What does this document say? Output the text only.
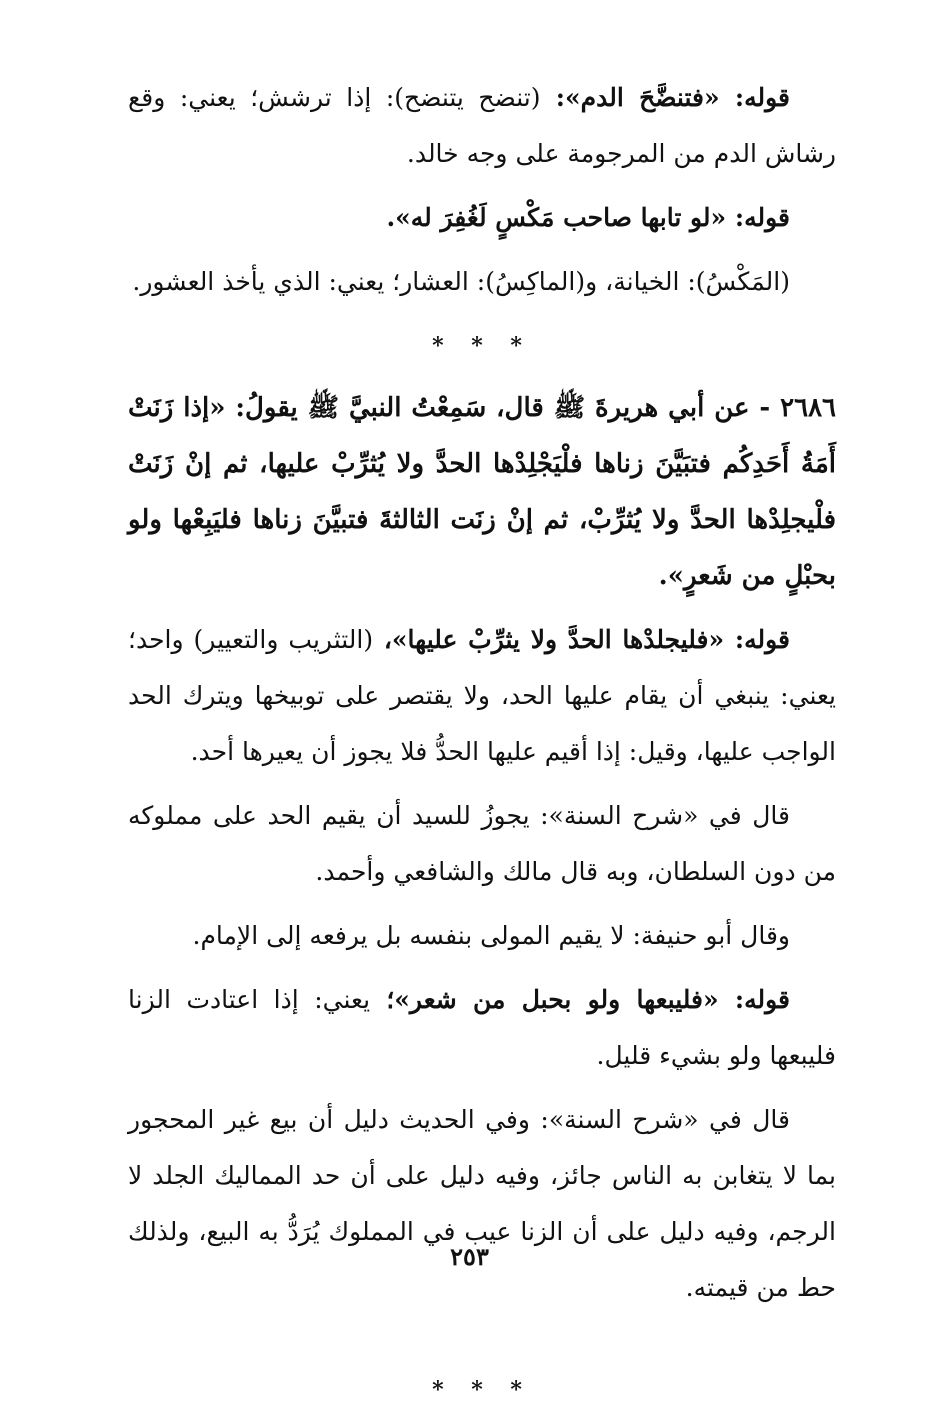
قوله: «فتنضَّحَ الدم»: (تنضح يتنضح): إذا ترشش؛ يعني: وقع رشاش الدم من المرجومة على وجه خالد.

قوله: «لو تابها صاحب مَكْسٍ لَغُفِرَ له».

(المَكْسُ): الخيانة، و(الماكِسُ): العشار؛ يعني: الذي يأخذ العشور.

* * *

٢٦٨٦ - عن أبي هريرةَ ﷺ قال، سَمِعْتُ النبيَّ ﷺ يقولُ: «إذا زَنَتْ أَمَةُ أَحَدِكُم فتبَيَّنَ زناها فلْيَجْلِدْها الحدَّ ولا يُثرِّبْ عليها، ثم إنْ زَنَتْ فلْيجلِدْها الحدَّ ولا يُثرِّبْ، ثم إنْ زنَت الثالثةَ فتبيَّنَ زناها فليَبِعْها ولو بحبْلٍ من شَعرٍ».

قوله: «فليجلدْها الحدَّ ولا يثرِّبْ عليها»، (التثريب والتعيير) واحد؛ يعني: ينبغي أن يقام عليها الحد، ولا يقتصر على توبيخها ويترك الحد الواجب عليها، وقيل: إذا أقيم عليها الحدُّ فلا يجوز أن يعيرها أحد.

قال في «شرح السنة»: يجوزُ للسيد أن يقيم الحد على مملوكه من دون السلطان، وبه قال مالك والشافعي وأحمد.

وقال أبو حنيفة: لا يقيم المولى بنفسه بل يرفعه إلى الإمام.

قوله: «فليبعها ولو بحبل من شعر»؛ يعني: إذا اعتادت الزنا فليبعها ولو بشيء قليل.

قال في «شرح السنة»: وفي الحديث دليل أن بيع غير المحجور بما لا يتغابن به الناس جائز، وفيه دليل على أن حد المماليك الجلد لا الرجم، وفيه دليل على أن الزنا عيب في المملوك يُرَدُّ به البيع، ولذلك حط من قيمته.

* * *

٢٥٣
